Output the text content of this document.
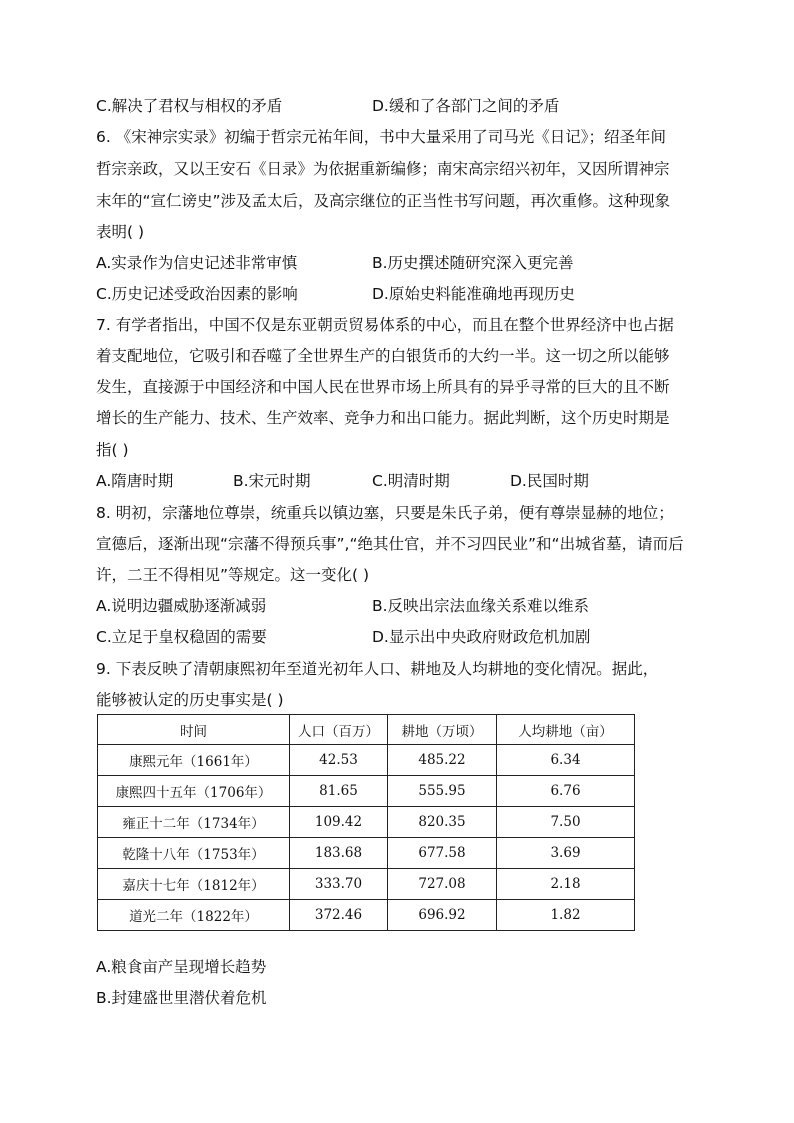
C.解决了君权与相权的矛盾	D.缓和了各部门之间的矛盾
6. 《宋神宗实录》初编于哲宗元祐年间，书中大量采用了司马光《日记》；绍圣年间
哲宗亲政，又以王安石《日录》为依据重新编修；南宋高宗绍兴初年，又因所谓神宗
末年的“宣仁谤史”涉及孟太后，及高宗继位的正当性书写问题，再次重修。这种现象
表明( )
A.实录作为信史记述非常审慎	B.历史撰述随研究深入更完善
C.历史记述受政治因素的影响	D.原始史料能准确地再现历史
7. 有学者指出，中国不仅是东亚朝贡贸易体系的中心，而且在整个世界经济中也占据
着支配地位，它吸引和吞噬了全世界生产的白银货币的大约一半。这一切之所以能够
发生，直接源于中国经济和中国人民在世界市场上所具有的异乎寻常的巨大的且不断
增长的生产能力、技术、生产效率、竞争力和出口能力。据此判断，这个历史时期是
指( )
A.隋唐时期	B.宋元时期	C.明清时期	D.民国时期
8. 明初，宗藩地位尊崇，统重兵以镇边塞，只要是朱氏子弟，便有尊崇显赫的地位；
宣德后，逐渐出现“宗藩不得预兵事”,“绝其仕官，并不习四民业”和“出城省墓，请而后
许，二王不得相见”等规定。这一变化( )
A.说明边疆威胁逐渐减弱	B.反映出宗法血缘关系难以维系
C.立足于皇权稳固的需要	D.显示出中央政府财政危机加剧
9. 下表反映了清朝康熙初年至道光初年人口、耕地及人均耕地的变化情况。据此，
能够被认定的历史事实是( )
时间	人口（百万）	耕地（万顷）	人均耕地（亩）
康熙元年（1661年）	42.53	485.22	6.34
康熙四十五年（1706年）	81.65	555.95	6.76
雍正十二年（1734年）	109.42	820.35	7.50
乾隆十八年（1753年）	183.68	677.58	3.69
嘉庆十七年（1812年）	333.70	727.08	2.18
道光二年（1822年）	372.46	696.92	1.82
A.粮食亩产呈现增长趋势
B.封建盛世里潜伏着危机
